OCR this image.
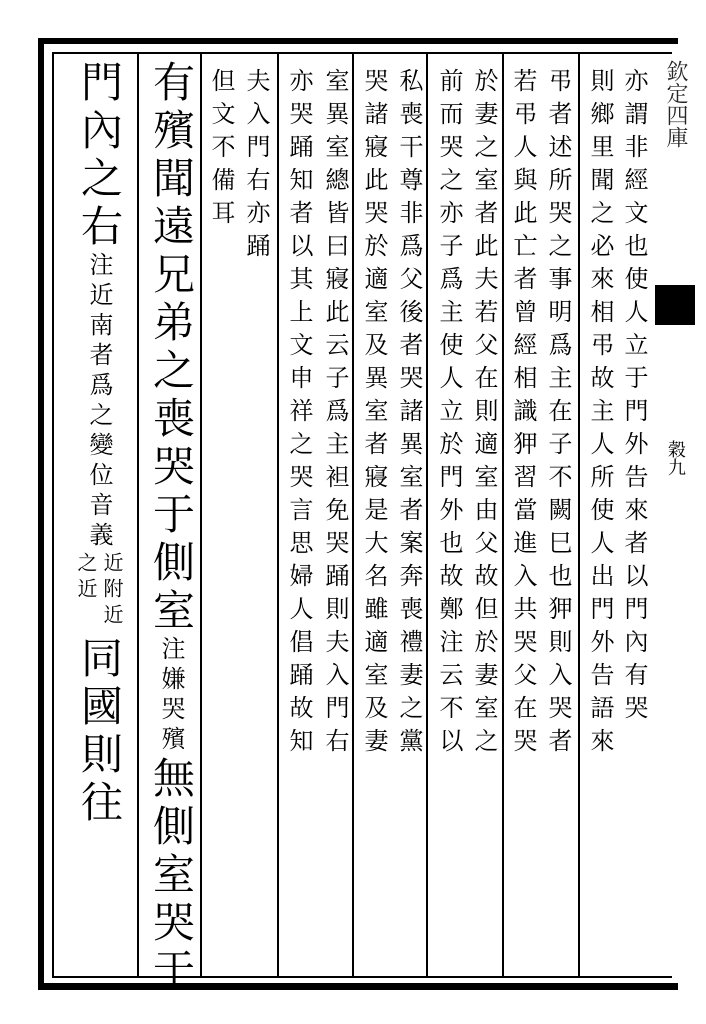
欽定四庫
穀九
亦謂非經文也使人立于門外告來者以門內有哭
則鄉里聞之必來相弔故主人所使人出門外告語來
弔者述所哭之事明爲主在子不闕巳也狎則入哭者
若弔人與此亡者曾經相識狎習當進入共哭父在哭
於妻之室者此夫若父在則適室由父故但於妻室之
前而哭之亦子爲主使人立於門外也故鄭注云不以
私喪干尊非爲父後者哭諸異室者案奔喪禮妻之黨
哭諸寢此哭於適室及異室者寢是大名雖適室及妻
室異室總皆曰寢此云子爲主袒免哭踊則夫入門右
亦哭踊知者以其上文申祥之哭言思婦人倡踊故知
夫入門右亦踊
但文不備耳
有殯聞遠兄弟之喪哭于側室
注
嫌哭殯
無側室哭于
門內之右
注
近南者爲之變位
音義
近附近
之近
同國則往
